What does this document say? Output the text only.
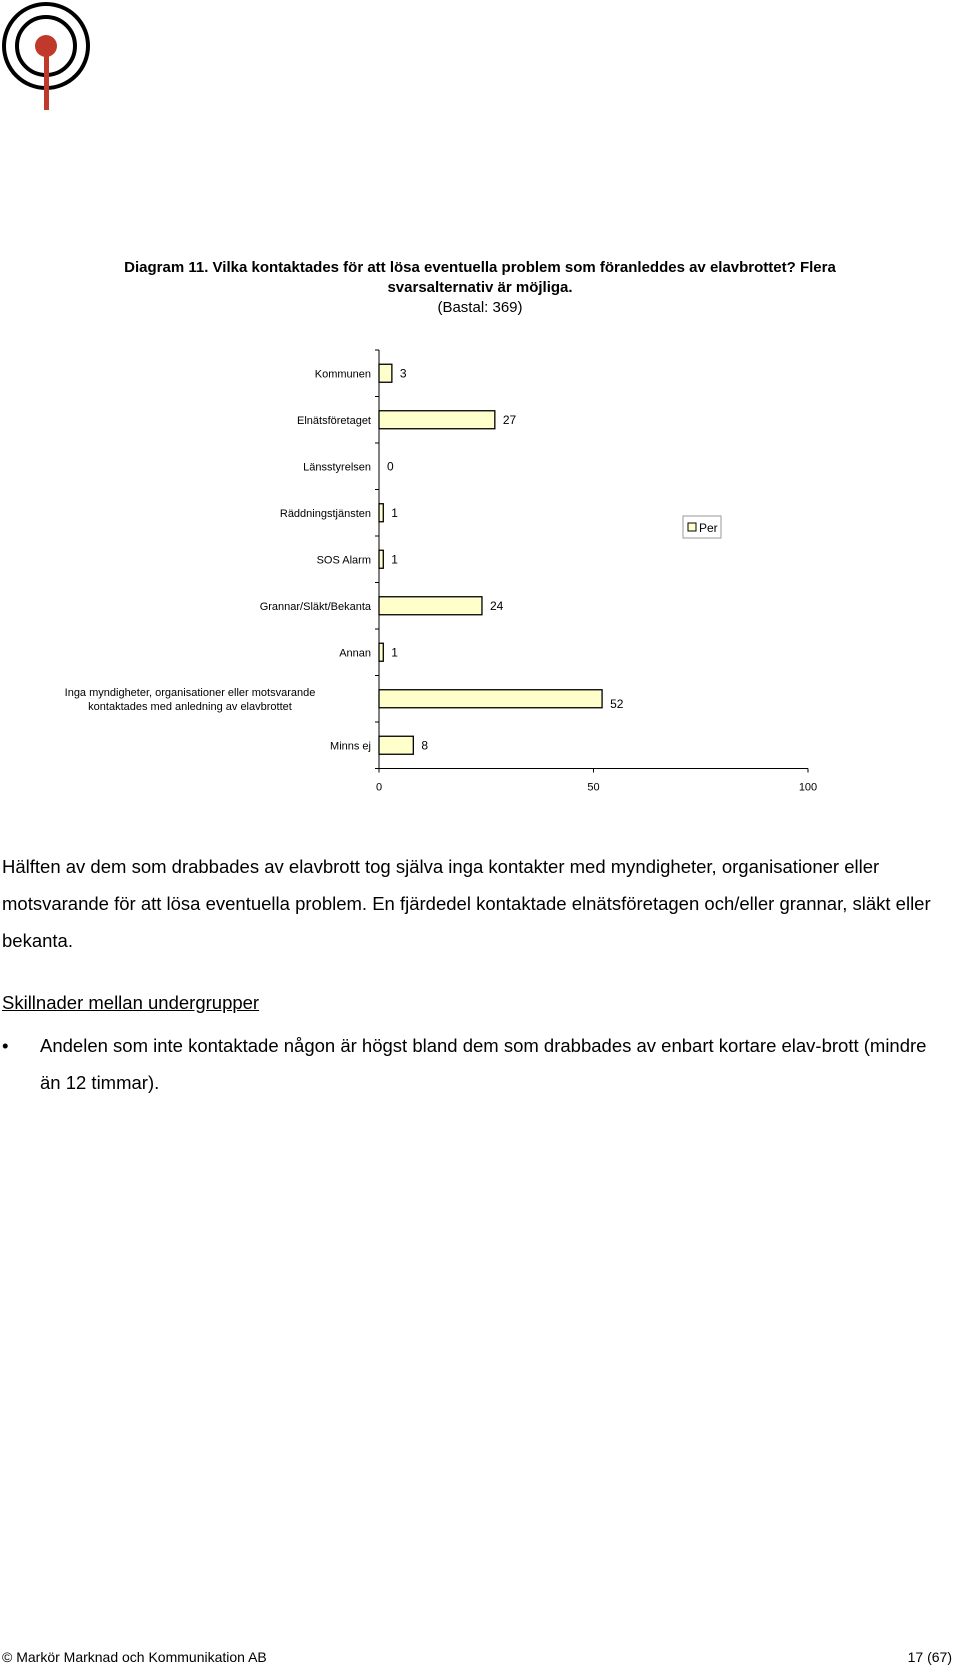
Diagram 11. Vilka kontaktades för att lösa eventuella problem som föranleddes av elavbrottet? Flera svarsalternativ är möjliga.
(Bastal: 369)
0	50	100
Kommunen 3
Elnätsföretaget	27
Länsstyrelsen 0
Räddningstjänsten 1
SOS Alarm 1
Grannar/Släkt/Bekanta	24
Annan 1
Inga myndigheter, organisationer eller motsvarande kontaktades med anledning av elavbrottet	52
Minns ej	8
Per
Hälften av dem som drabbades av elavbrott tog själva inga kontakter med myndigheter, organisationer eller motsvarande för att lösa eventuella problem. En fjärdedel kontaktade elnätsföretagen och/eller grannar, släkt eller bekanta.
Skillnader mellan undergrupper
•	Andelen som inte kontaktade någon är högst bland dem som drabbades av enbart kortare elav-brott (mindre än 12 timmar).
© Markör Marknad och Kommunikation AB	17 (67)
